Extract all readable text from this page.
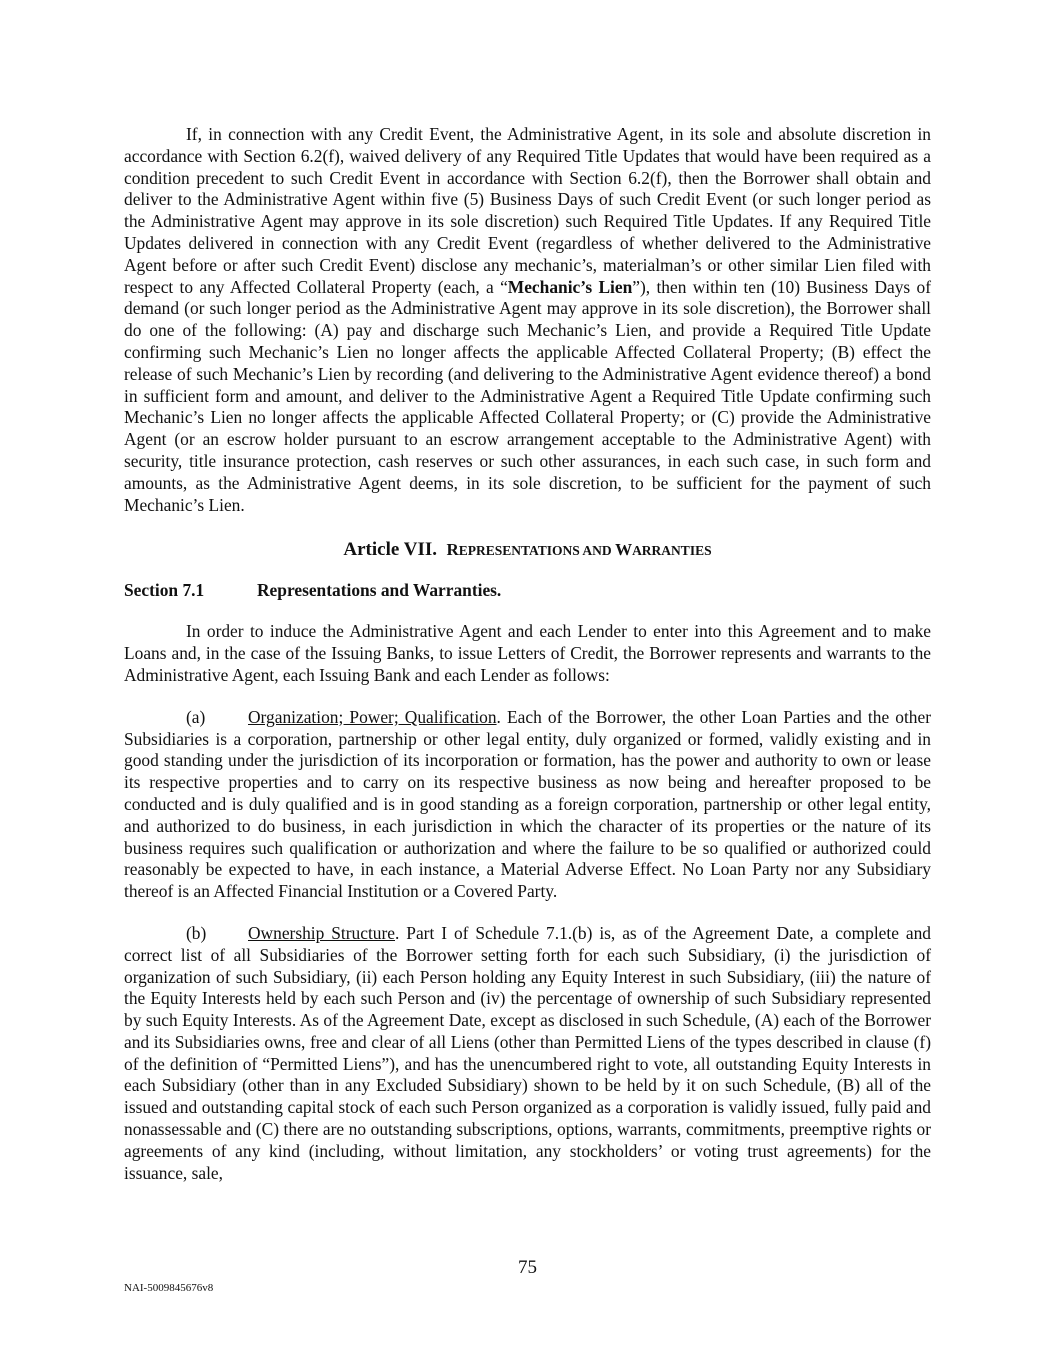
If, in connection with any Credit Event, the Administrative Agent, in its sole and absolute discretion in accordance with Section 6.2(f), waived delivery of any Required Title Updates that would have been required as a condition precedent to such Credit Event in accordance with Section 6.2(f), then the Borrower shall obtain and deliver to the Administrative Agent within five (5) Business Days of such Credit Event (or such longer period as the Administrative Agent may approve in its sole discretion) such Required Title Updates. If any Required Title Updates delivered in connection with any Credit Event (regardless of whether delivered to the Administrative Agent before or after such Credit Event) disclose any mechanic’s, materialman’s or other similar Lien filed with respect to any Affected Collateral Property (each, a “Mechanic’s Lien”), then within ten (10) Business Days of demand (or such longer period as the Administrative Agent may approve in its sole discretion), the Borrower shall do one of the following: (A) pay and discharge such Mechanic’s Lien, and provide a Required Title Update confirming such Mechanic’s Lien no longer affects the applicable Affected Collateral Property; (B) effect the release of such Mechanic’s Lien by recording (and delivering to the Administrative Agent evidence thereof) a bond in sufficient form and amount, and deliver to the Administrative Agent a Required Title Update confirming such Mechanic’s Lien no longer affects the applicable Affected Collateral Property; or (C) provide the Administrative Agent (or an escrow holder pursuant to an escrow arrangement acceptable to the Administrative Agent) with security, title insurance protection, cash reserves or such other assurances, in each such case, in such form and amounts, as the Administrative Agent deems, in its sole discretion, to be sufficient for the payment of such Mechanic’s Lien.

Article VII. REPRESENTATIONS AND WARRANTIES
Section 7.1	Representations and Warranties.

In order to induce the Administrative Agent and each Lender to enter into this Agreement and to make Loans and, in the case of the Issuing Banks, to issue Letters of Credit, the Borrower represents and warrants to the Administrative Agent, each Issuing Bank and each Lender as follows:

(a) Organization; Power; Qualification. Each of the Borrower, the other Loan Parties and the other Subsidiaries is a corporation, partnership or other legal entity, duly organized or formed, validly existing and in good standing under the jurisdiction of its incorporation or formation, has the power and authority to own or lease its respective properties and to carry on its respective business as now being and hereafter proposed to be conducted and is duly qualified and is in good standing as a foreign corporation, partnership or other legal entity, and authorized to do business, in each jurisdiction in which the character of its properties or the nature of its business requires such qualification or authorization and where the failure to be so qualified or authorized could reasonably be expected to have, in each instance, a Material Adverse Effect. No Loan Party nor any Subsidiary thereof is an Affected Financial Institution or a Covered Party.

(b) Ownership Structure. Part I of Schedule 7.1.(b) is, as of the Agreement Date, a complete and correct list of all Subsidiaries of the Borrower setting forth for each such Subsidiary, (i) the jurisdiction of organization of such Subsidiary, (ii) each Person holding any Equity Interest in such Subsidiary, (iii) the nature of the Equity Interests held by each such Person and (iv) the percentage of ownership of such Subsidiary represented by such Equity Interests. As of the Agreement Date, except as disclosed in such Schedule, (A) each of the Borrower and its Subsidiaries owns, free and clear of all Liens (other than Permitted Liens of the types described in clause (f) of the definition of “Permitted Liens”), and has the unencumbered right to vote, all outstanding Equity Interests in each Subsidiary (other than in any Excluded Subsidiary) shown to be held by it on such Schedule, (B) all of the issued and outstanding capital stock of each such Person organized as a corporation is validly issued, fully paid and nonassessable and (C) there are no outstanding subscriptions, options, warrants, commitments, preemptive rights or agreements of any kind (including, without limitation, any stockholders’ or voting trust agreements) for the issuance, sale,

75
NAI-5009845676v8
